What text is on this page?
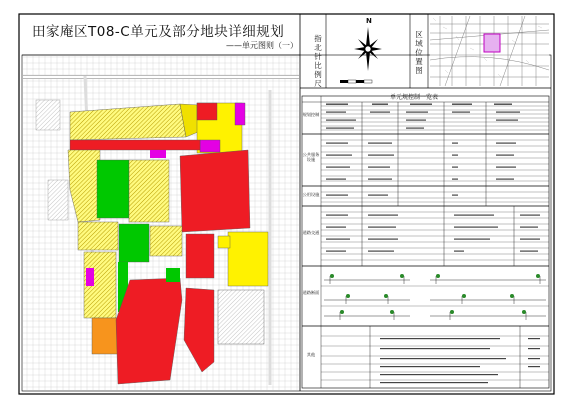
田家庵区T08-C单元及部分地块详细规划
——单元图则（一）
指北针比例尺
N
区域位置图
单元规控制一览表
规划控制
公共服务设施
公用设施
道路交通
道路断面
其他
